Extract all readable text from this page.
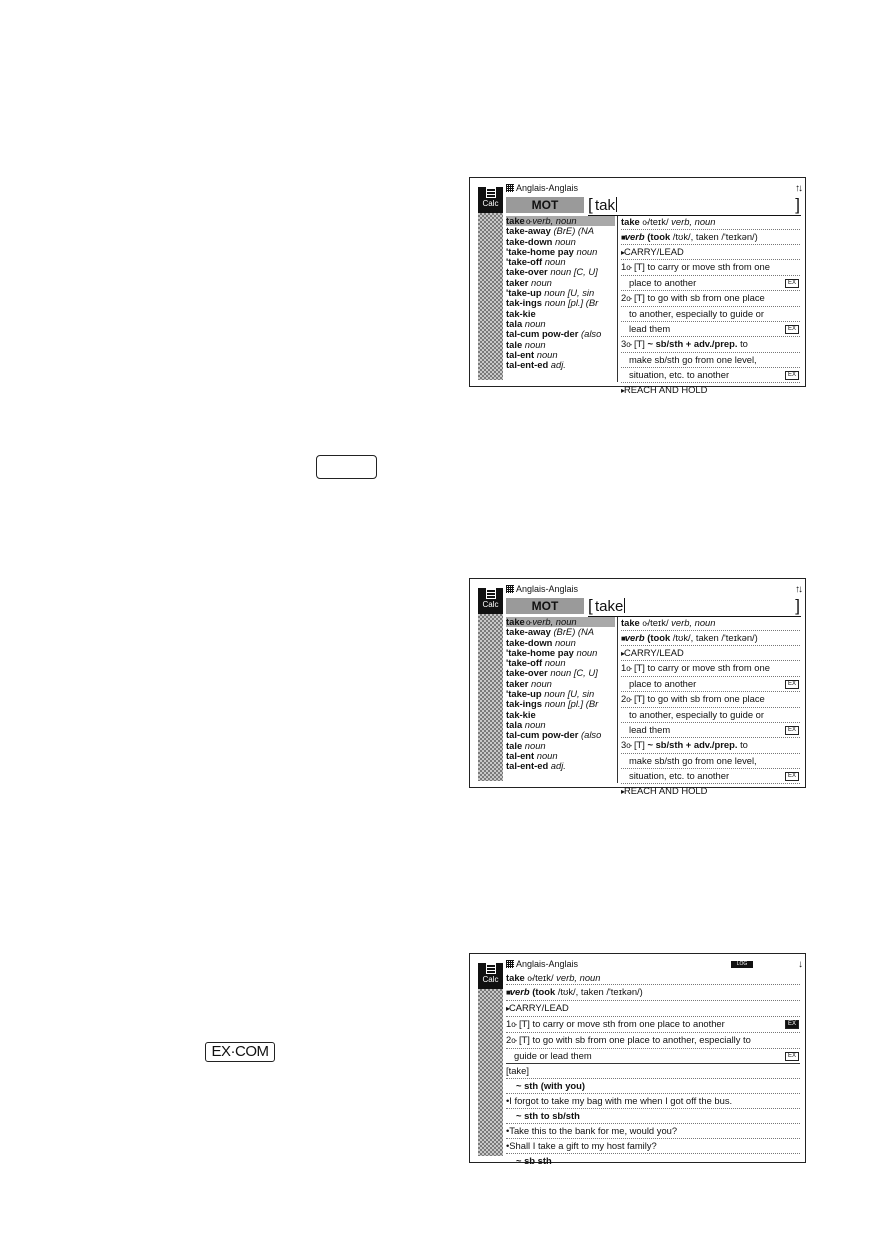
EX·COM
Calc
Anglais-Anglais	↑↓
MOT	[ tak	]
take o- verb, noun
take-away (BrE) (NA
take-down noun
'take-home pay noun
'take-off noun
take-over noun [C, U]
taker noun
'take-up noun [U, sin
tak-ings noun [pl.] (Br
tak-kie
tala noun
tal-cum pow-der (also
tale noun
tal-ent noun
tal-ent-ed adj.
take o-/teɪk/ verb, noun
■verb (took /tʊk/, taken /'teɪkən/)
▸CARRY/LEAD
1o- [T] to carry or move sth from one
place to another	EX
2o- [T] to go with sb from one place
to another, especially to guide or
lead them	EX
3o- [T] ~ sb/sth + adv./prep. to
make sb/sth go from one level,
situation, etc. to another	EX
▸REACH AND HOLD
Calc
Anglais-Anglais	↑↓
MOT	[ take	]
take o- verb, noun
take-away (BrE) (NA
take-down noun
'take-home pay noun
'take-off noun
take-over noun [C, U]
taker noun
'take-up noun [U, sin
tak-ings noun [pl.] (Br
tak-kie
tala noun
tal-cum pow-der (also
tale noun
tal-ent noun
tal-ent-ed adj.
take o-/teɪk/ verb, noun
■verb (took /tʊk/, taken /'teɪkən/)
▸CARRY/LEAD
1o- [T] to carry or move sth from one
place to another	EX
2o- [T] to go with sb from one place
to another, especially to guide or
lead them	EX
3o- [T] ~ sb/sth + adv./prep. to
make sb/sth go from one level,
situation, etc. to another	EX
▸REACH AND HOLD
Calc
Anglais-Anglais	LOG	↓
take o-/teɪk/ verb, noun
■verb (took /tʊk/, taken /'teɪkən/)
▸CARRY/LEAD
1o- [T] to carry or move sth from one place to another	EX
2o- [T] to go with sb from one place to another, especially to
guide or lead them	EX
[take]
~ sth (with you)
•I forgot to take my bag with me when I got off the bus.
~ sth to sb/sth
•Take this to the bank for me, would you?
•Shall I take a gift to my host family?
~ sb sth
